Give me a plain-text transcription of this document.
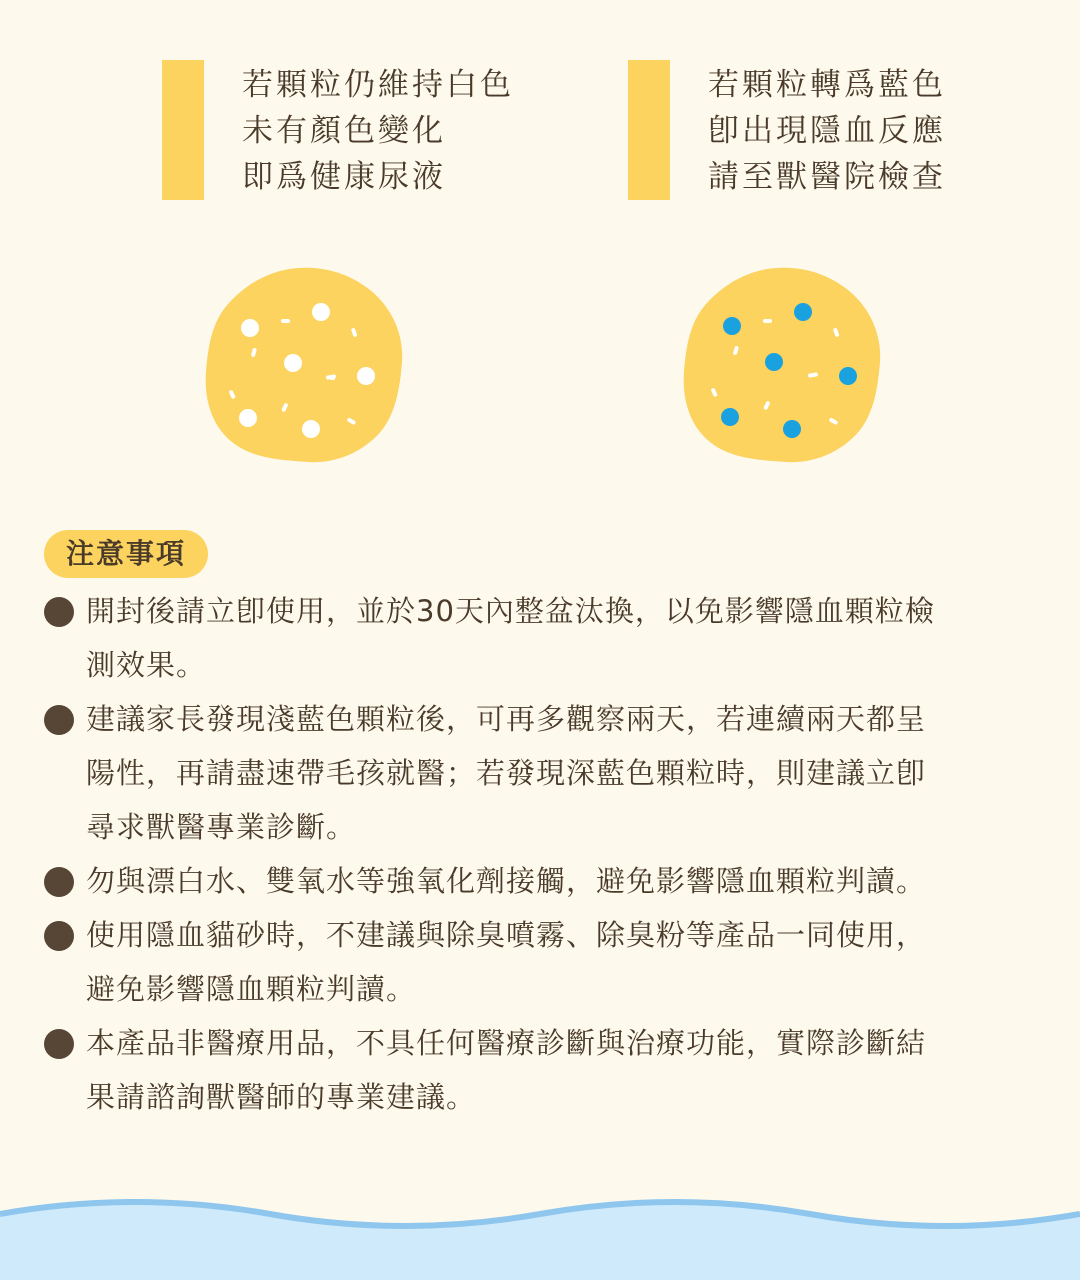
若顆粒仍維持白色
未有顏色變化
即爲健康尿液
若顆粒轉爲藍色
卽出現隱血反應
請至獸醫院檢查
注意事項
開封後請立卽使用，並於30天內整盆汰換，以免影響隱血顆粒檢
測效果。
建議家長發現淺藍色顆粒後，可再多觀察兩天，若連續兩天都呈
陽性，再請盡速帶毛孩就醫；若發現深藍色顆粒時，則建議立卽
尋求獸醫專業診斷。
勿與漂白水、雙氧水等強氧化劑接觸，避免影響隱血顆粒判讀。
使用隱血貓砂時，不建議與除臭噴霧、除臭粉等產品一同使用，
避免影響隱血顆粒判讀。
本產品非醫療用品，不具任何醫療診斷與治療功能，實際診斷結
果請諮詢獸醫師的專業建議。
